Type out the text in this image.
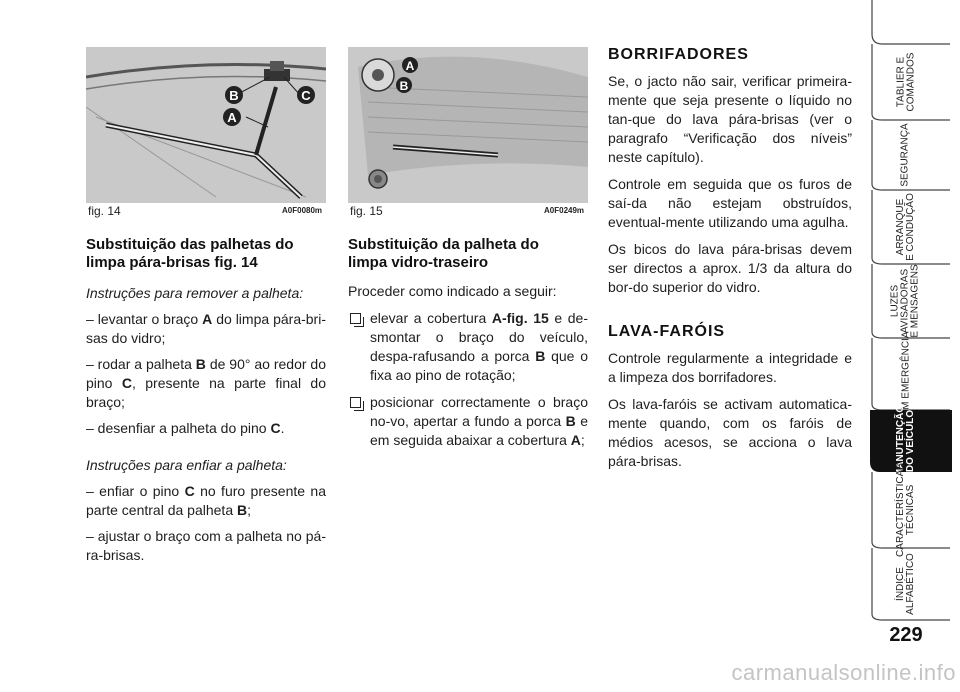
B	C
A
fig. 14	A0F0080m
A
B
fig. 15	A0F0249m
Substituição das palhetas do
limpa pára-brisas fig. 14
Instruções para remover a palheta:
– levantar o braço A do limpa pára-bri-sas do vidro;
– rodar a palheta B de 90° ao redor do pino C, presente na parte final do braço;
– desenfiar a palheta do pino C.
Instruções para enfiar a palheta:
– enfiar o pino C no furo presente na parte central da palheta B;
– ajustar o braço com a palheta no pá-ra-brisas.
Substituição da palheta do
limpa vidro-traseiro
Proceder como indicado a seguir:
elevar a cobertura A-fig. 15 e de-smontar o braço do veículo, despa-rafusando a porca B que o fixa ao pino de rotação;
posicionar correctamente o braço no-vo, apertar a fundo a porca B e em seguida abaixar a cobertura A;
BORRIFADORES
Se, o jacto não sair, verificar primeira-mente que seja presente o líquido no tan-que do lava pára-brisas (ver o paragrafo “Verificação dos níveis” neste capítulo).
Controle em seguida que os furos de saí-da não estejam obstruídos, eventual-mente utilizando uma agulha.
Os bicos do lava pára-brisas devem ser directos a aprox. 1/3 da altura do bor-do superior do vidro.
LAVA-FARÓIS
Controle regularmente a integridade e a limpeza dos borrifadores.
Os lava-faróis se activam automatica-mente quando, com os faróis de médios acesos, se acciona o lava pára-brisas.
TABLIER E
COMANDOS
SEGURANÇA
ARRANQUE
E CONDUÇÃO
LUZES
AVISADORAS
E MENSAGENS
EM EMERGÊNCIA
MANUTENÇÃO
DO VEÍCULO
CARACTERÍSTICAS
TÉCNICAS
ÍNDICE
ALFABÉTICO
229
carmanualsonline.info
